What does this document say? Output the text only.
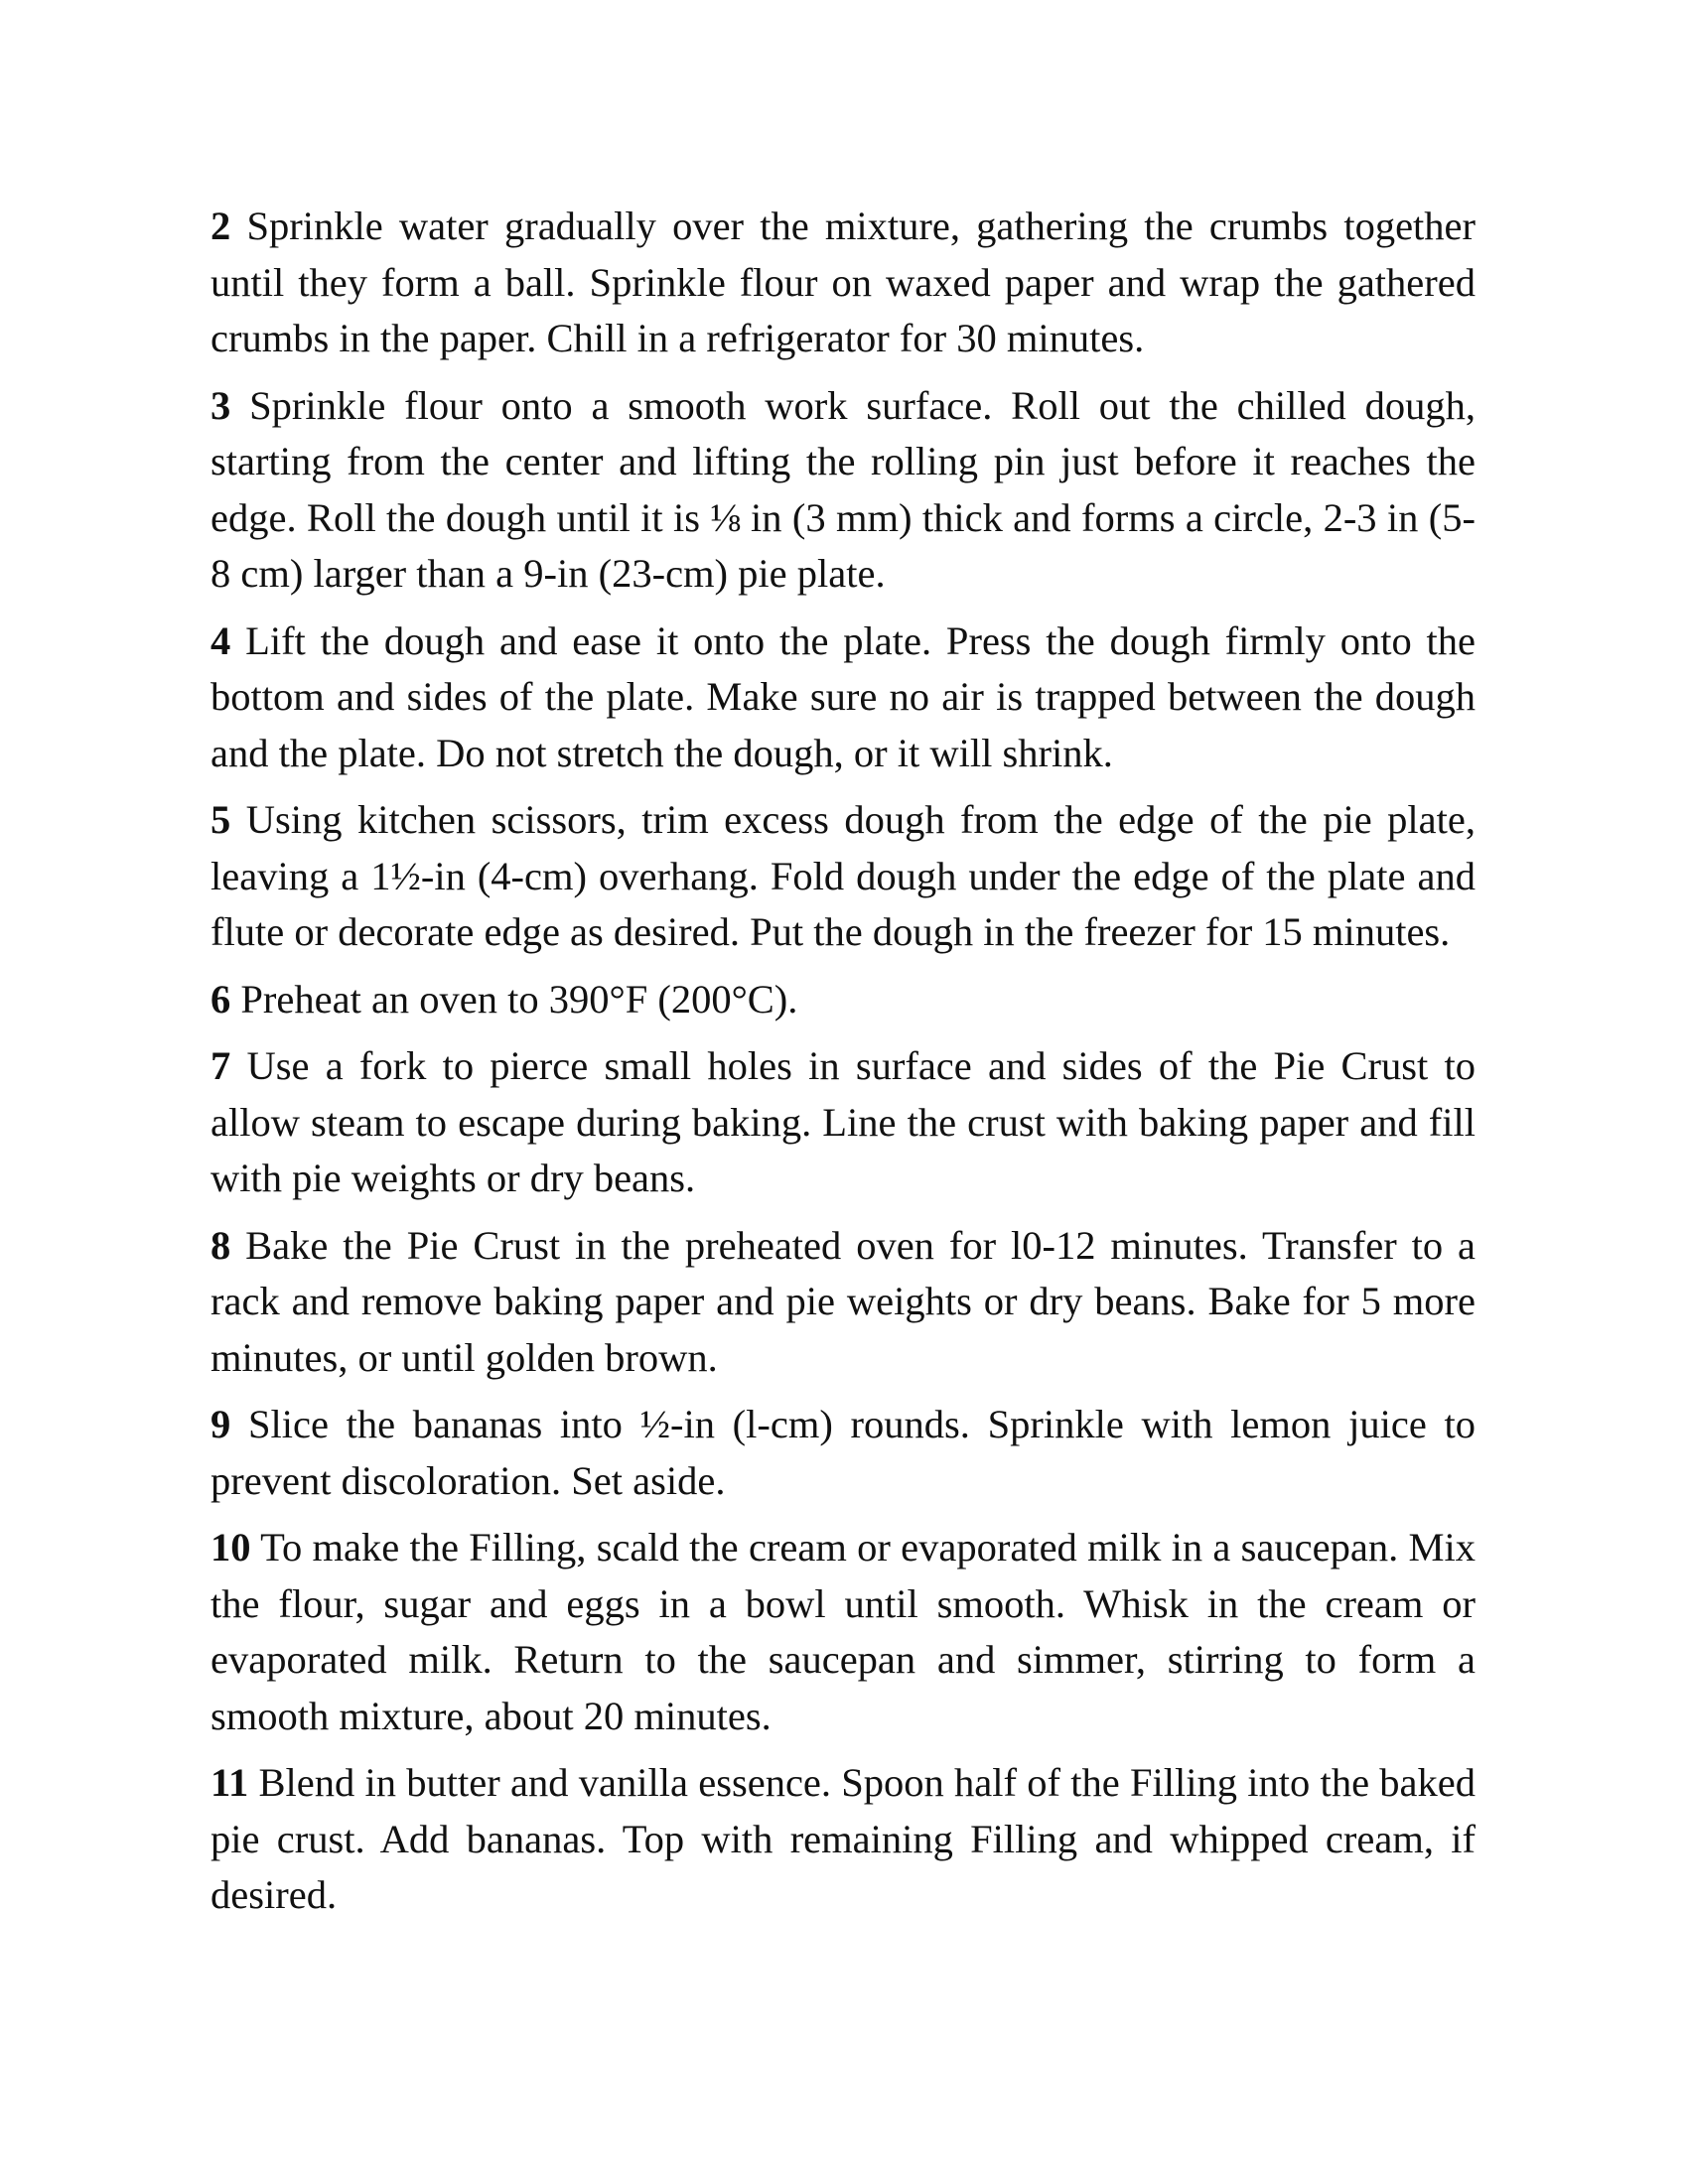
2 Sprinkle water gradually over the mixture, gathering the crumbs together until they form a ball. Sprinkle flour on waxed paper and wrap the gathered crumbs in the paper. Chill in a refrigerator for 30 minutes.

3 Sprinkle flour onto a smooth work surface. Roll out the chilled dough, starting from the center and lifting the rolling pin just before it reaches the edge. Roll the dough until it is ⅛ in (3 mm) thick and forms a circle, 2-3 in (5-8 cm) larger than a 9-in (23-cm) pie plate.

4 Lift the dough and ease it onto the plate. Press the dough firmly onto the bottom and sides of the plate. Make sure no air is trapped between the dough and the plate. Do not stretch the dough, or it will shrink.

5 Using kitchen scissors, trim excess dough from the edge of the pie plate, leaving a 1½-in (4-cm) overhang. Fold dough under the edge of the plate and flute or decorate edge as desired. Put the dough in the freezer for 15 minutes.

6 Preheat an oven to 390°F (200°C).

7 Use a fork to pierce small holes in surface and sides of the Pie Crust to allow steam to escape during baking. Line the crust with baking paper and fill with pie weights or dry beans.

8 Bake the Pie Crust in the preheated oven for l0-12 minutes. Transfer to a rack and remove baking paper and pie weights or dry beans. Bake for 5 more minutes, or until golden brown.

9 Slice the bananas into ½-in (l-cm) rounds. Sprinkle with lemon juice to prevent discoloration. Set aside.

10 To make the Filling, scald the cream or evaporated milk in a saucepan. Mix the flour, sugar and eggs in a bowl until smooth. Whisk in the cream or evaporated milk. Return to the saucepan and simmer, stirring to form a smooth mixture, about 20 minutes.

11 Blend in butter and vanilla essence. Spoon half of the Filling into the baked pie crust. Add bananas. Top with remaining Filling and whipped cream, if desired.
